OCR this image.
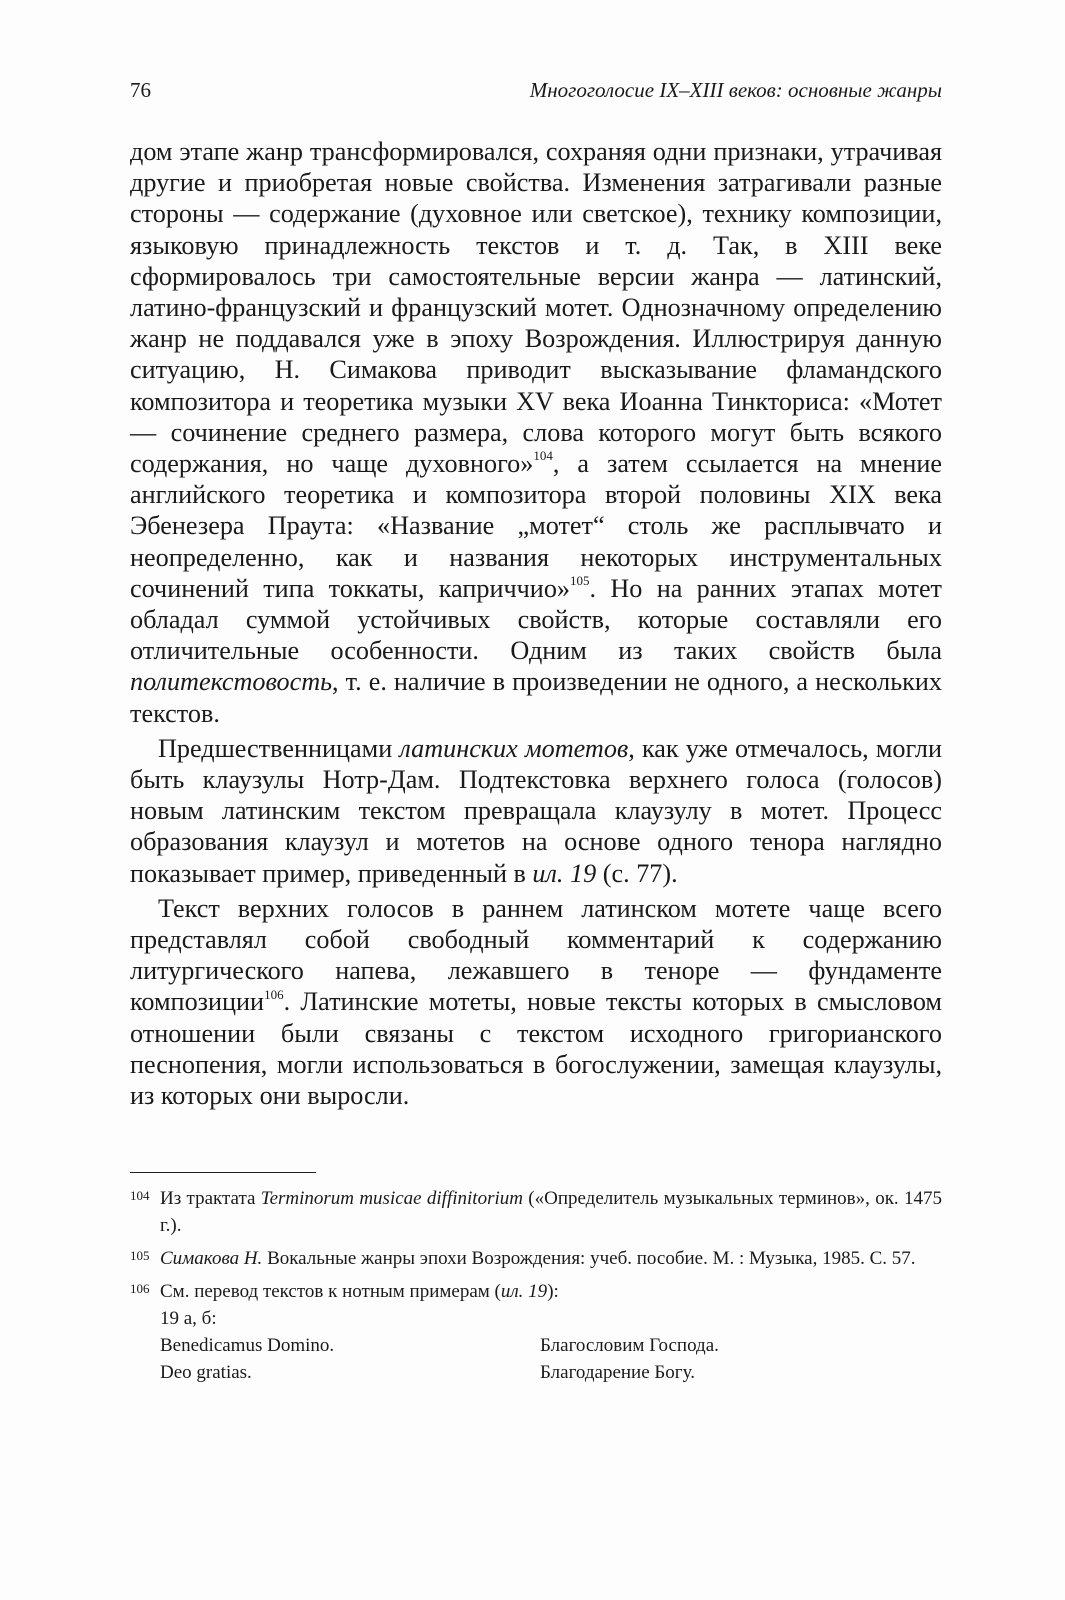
76	Многоголосие IX–XIII веков: основные жанры

дом этапе жанр трансформировался, сохраняя одни признаки, утрачивая другие и приобретая новые свойства. Изменения затрагивали разные стороны — содержание (духовное или светское), технику композиции, языковую принадлежность текстов и т. д. Так, в XIII веке сформировалось три самостоятельные версии жанра — латинский, латино-французский и французский мотет. Однозначному определению жанр не поддавался уже в эпоху Возрождения. Иллюстрируя данную ситуацию, Н. Симакова приводит высказывание фламандского композитора и теоретика музыки XV века Иоанна Тинкториса: «Мотет — сочинение среднего размера, слова которого могут быть всякого содержания, но чаще духовного»$^{104}$, а затем ссылается на мнение английского теоретика и композитора второй половины XIX века Эбенезера Праута: «Название „мотет“ столь же расплывчато и неопределенно, как и названия некоторых инструментальных сочинений типа токкаты, каприччио»$^{105}$. Но на ранних этапах мотет обладал суммой устойчивых свойств, которые составляли его отличительные особенности. Одним из таких свойств была политекстовость, т. е. наличие в произведении не одного, а нескольких текстов.

Предшественницами латинских мотетов, как уже отмечалось, могли быть клаузулы Нотр-Дам. Подтекстовка верхнего голоса (голосов) новым латинским текстом превращала клаузулу в мотет. Процесс образования клаузул и мотетов на основе одного тенора наглядно показывает пример, приведенный в ил. 19 (с. 77).

Текст верхних голосов в раннем латинском мотете чаще всего представлял собой свободный комментарий к содержанию литургического напева, лежавшего в теноре — фундаменте композиции$^{106}$. Латинские мотеты, новые тексты которых в смысловом отношении были связаны с текстом исходного григорианского песнопения, могли использоваться в богослужении, замещая клаузулы, из которых они выросли.

104 Из трактата Terminorum musicae diffinitorium («Определитель музыкальных терминов», ок. 1475 г.).
105 Симакова Н. Вокальные жанры эпохи Возрождения: учеб. пособие. М. : Музыка, 1985. С. 57.
106 См. перевод текстов к нотным примерам (ил. 19):
19 а, б:
Benedicamus Domino.	Благословим Господа.
Deo gratias.	Благодарение Богу.
